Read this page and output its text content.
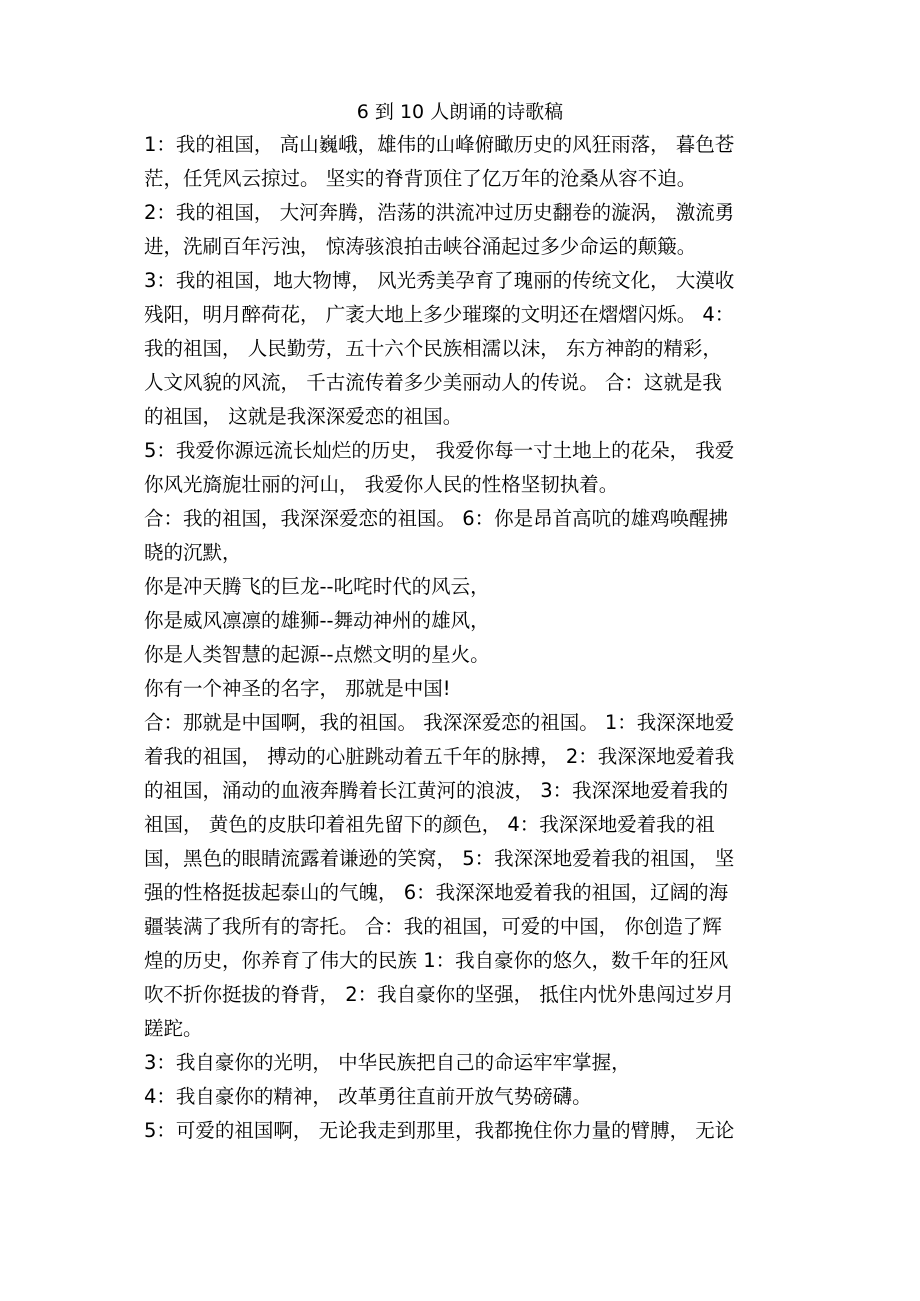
6 到 10 人朗诵的诗歌稿

1：我的祖国， 高山巍峨，雄伟的山峰俯瞰历史的风狂雨落， 暮色苍

茫，任凭风云掠过。 坚实的脊背顶住了亿万年的沧桑从容不迫。

2：我的祖国， 大河奔腾，浩荡的洪流冲过历史翻卷的漩涡， 激流勇

进，洗刷百年污浊， 惊涛骇浪拍击峡谷涌起过多少命运的颠簸。

3：我的祖国，地大物博， 风光秀美孕育了瑰丽的传统文化， 大漠收

残阳，明月醉荷花， 广袤大地上多少璀璨的文明还在熠熠闪烁。 4：

我的祖国， 人民勤劳，五十六个民族相濡以沫， 东方神韵的精彩，

人文风貌的风流， 千古流传着多少美丽动人的传说。 合：这就是我

的祖国， 这就是我深深爱恋的祖国。

5：我爱你源远流长灿烂的历史， 我爱你每一寸土地上的花朵， 我爱

你风光旖旎壮丽的河山， 我爱你人民的性格坚韧执着。

合：我的祖国，我深深爱恋的祖国。 6：你是昂首高吭的雄鸡唤醒拂

晓的沉默，

你是冲天腾飞的巨龙--叱咤时代的风云，

你是威风凛凛的雄狮--舞动神州的雄风，

你是人类智慧的起源--点燃文明的星火。

你有一个神圣的名字， 那就是中国!

合：那就是中国啊，我的祖国。 我深深爱恋的祖国。 1：我深深地爱

着我的祖国， 搏动的心脏跳动着五千年的脉搏， 2：我深深地爱着我

的祖国，涌动的血液奔腾着长江黄河的浪波， 3：我深深地爱着我的

祖国， 黄色的皮肤印着祖先留下的颜色， 4：我深深地爱着我的祖

国，黑色的眼睛流露着谦逊的笑窝， 5：我深深地爱着我的祖国， 坚

强的性格挺拔起泰山的气魄， 6：我深深地爱着我的祖国，辽阔的海

疆装满了我所有的寄托。 合：我的祖国，可爱的中国， 你创造了辉

煌的历史，你养育了伟大的民族 1：我自豪你的悠久，数千年的狂风

吹不折你挺拔的脊背， 2：我自豪你的坚强， 抵住内忧外患闯过岁月

蹉跎。

3：我自豪你的光明， 中华民族把自己的命运牢牢掌握，

4：我自豪你的精神， 改革勇往直前开放气势磅礴。

5：可爱的祖国啊， 无论我走到那里，我都挽住你力量的臂膊， 无论
